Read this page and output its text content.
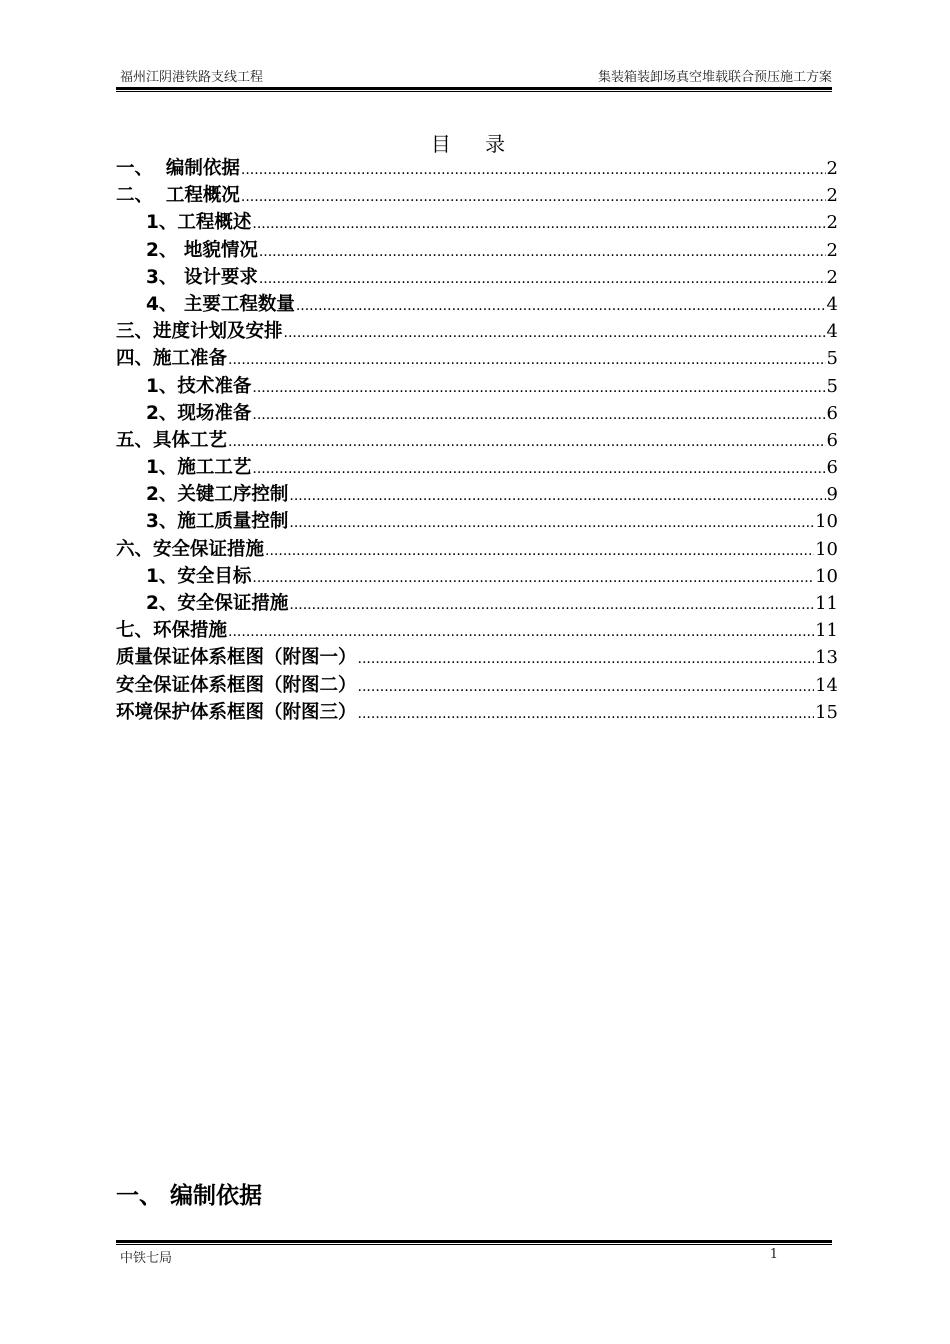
福州江阴港铁路支线工程	集装箱装卸场真空堆载联合预压施工方案
目 录
一、  编制依据 .....	2
二、  工程概况 .....	2
1、工程概述 .....	2
2、 地貌情况 .....	2
3、 设计要求 .....	2
4、 主要工程数量 .....	4
三、进度计划及安排 .....	4
四、施工准备 .....	5
1、技术准备 .....	5
2、现场准备 .....	6
五、具体工艺 .....	6
1、施工工艺 .....	6
2、关键工序控制 .....	9
3、施工质量控制 .....	10
六、安全保证措施 .....	10
1、安全目标 .....	10
2、安全保证措施 .....	11
七、环保措施 .....	11
质量保证体系框图（附图一） .....	13
安全保证体系框图（附图二） .....	14
环境保护体系框图（附图三） .....	15
一、 编制依据
中铁七局	1
